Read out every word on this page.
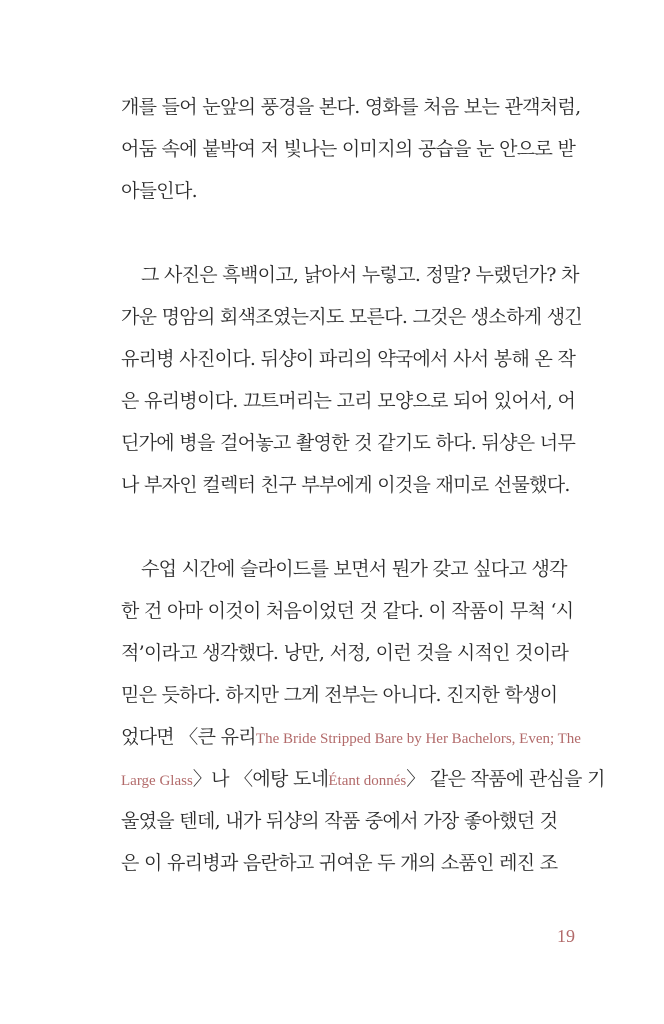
개를 들어 눈앞의 풍경을 본다. 영화를 처음 보는 관객처럼,
어둠 속에 붙박여 저 빛나는 이미지의 공습을 눈 안으로 받
아들인다.
그 사진은 흑백이고, 낡아서 누렇고. 정말? 누랬던가? 차
가운 명암의 회색조였는지도 모른다. 그것은 생소하게 생긴
유리병 사진이다. 뒤샹이 파리의 약국에서 사서 봉해 온 작
은 유리병이다. 끄트머리는 고리 모양으로 되어 있어서, 어
딘가에 병을 걸어놓고 촬영한 것 같기도 하다. 뒤샹은 너무
나 부자인 컬렉터 친구 부부에게 이것을 재미로 선물했다.
수업 시간에 슬라이드를 보면서 뭔가 갖고 싶다고 생각
한 건 아마 이것이 처음이었던 것 같다. 이 작품이 무척 ‘시
적’이라고 생각했다. 낭만, 서정, 이런 것을 시적인 것이라
믿은 듯하다. 하지만 그게 전부는 아니다. 진지한 학생이
었다면 〈큰 유리The Bride Stripped Bare by Her Bachelors, Even; The
Large Glass〉나 〈에탕 도네Étant donnés〉 같은 작품에 관심을 기
울였을 텐데, 내가 뒤샹의 작품 중에서 가장 좋아했던 것
은 이 유리병과 음란하고 귀여운 두 개의 소품인 레진 조
19
